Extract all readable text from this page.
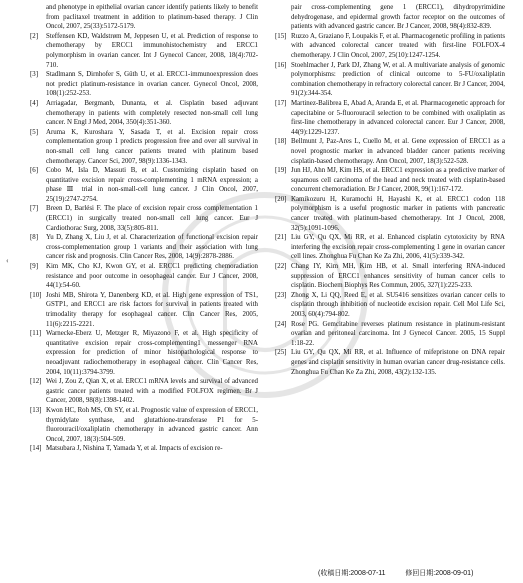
‹
and phenotype in epithelial ovarian cancer identify patients likely to benefit from paclitaxel treatment in addition to platinum-based therapy. J Clin Oncol, 2007, 25(33):5172-5179.
[2] Steffensen KD, Waldstrøm M, Jeppesen U, et al. Prediction of response to chemotherapy by ERCC1 immunohistochemistry and ERCC1 polymorphism in ovarian cancer. Int J Gynecol Cancer, 2008, 18(4):702-710.
[3] Stadlmann S, Dirnhofer S, Güth U, et al. ERCC1-immunoexpression does not predict platinum-resistance in ovarian cancer. Gynecol Oncol, 2008, 108(1):252-253.
[4] Arriagadar, Bergmanb, Dunanta, et al. Cisplatin based adjuvant chemotherapy in patients with completely resected non-small cell lung cancer. N Engl J Med, 2004, 350(4):351-360.
[5] Aruma K, Kuroshara Y, Sasada T, et al. Excision repair cross complementation group 1 predicts progression free and over all survival in non-small cell lung cancer patients treated with platinum based chemotherapy. Cancer Sci, 2007, 98(9):1336-1343.
[6] Cobo M, Isla D, Massuti B, et al. Customizing cisplatin based on quantitative excision repair cross-complementing 1 mRNA expression; a phase Ⅲ trial in non-small-cell lung cancer. J Clin Oncol, 2007, 25(19):2747-2754.
[7] Breen D, Barlési F. The place of excision repair cross complementation 1 (ERCC1) in surgically treated non-small cell lung cancer. Eur J Cardiothorac Surg, 2008, 33(5):805-811.
[8] Yu D, Zhang X, Liu J, et al. Characterization of functional excision repair cross-complementation group 1 variants and their association with lung cancer risk and prognosis. Clin Cancer Res, 2008, 14(9):2878-2886.
[9] Kim MK, Cho KJ, Kwon GY, et al. ERCC1 predicting chemoradiation resistance and poor outcome in oesophageal cancer. Eur J Cancer, 2008, 44(1):54-60.
[10] Joshi MB, Shirota Y, Danenberg KD, et al. High gene expression of TS1, GSTP1, and ERCC1 are risk factors for survival in patients treated with trimodality therapy for esophageal cancer. Clin Cancer Res, 2005, 11(6):2215-2221.
[11] Warnecke-Eberz U, Metzger R, Miyazono F, et al. High specificity of quantitative excision repair cross-complementing1 messenger RNA expression for prediction of minor histopathological response to neoadjuvant radiochemotherapy in esophageal cancer. Clin Cancer Res, 2004, 10(11):3794-3799.
[12] Wei J, Zou Z, Qian X, et al. ERCC1 mRNA levels and survival of advanced gastric cancer patients treated with a modified FOLFOX regimen. Br J Cancer, 2008, 98(8):1398-1402.
[13] Kwon HC, Roh MS, Oh SY, et al. Prognostic value of expression of ERCC1, thymidylate synthase, and glutathione-transferase P1 for 5-fluorouracil/oxaliplatin chemotherapy in advanced gastric cancer. Ann Oncol, 2007, 18(3):504-509.
[14] Matsubara J, Nishina T, Yamada Y, et al. Impacts of excision re-
pair cross-complementing gene 1 (ERCC1), dihydropyrimidine dehydrogenase, and epidermal growth factor receptor on the outcomes of patients with advanced gastric cancer. Br J Cancer, 2008, 98(4):832-839.
[15] Ruzzo A, Graziano F, Loupakis F, et al. Pharmacogenetic profiling in patients with advanced colorectal cancer treated with first-line FOLFOX-4 chemotherapy. J Clin Oncol, 2007, 25(10):1247-1254.
[16] Stoehlmacher J, Park DJ, Zhang W, et al. A multivariate analysis of genomic polymorphisms: prediction of clinical outcome to 5-FU/oxaliplatin combination chemotherapy in refractory colorectal cancer. Br J Cancer, 2004, 91(2):344-354.
[17] Martinez-Balibrea E, Abad A, Aranda E, et al. Pharmacogenetic approach for capecitabine or 5-fluorouracil selection to be combined with oxaliplatin as first-line chemotherapy in advanced colorectal cancer. Eur J Cancer, 2008, 44(9):1229-1237.
[18] Bellmunt J, Paz-Ares L, Cuello M, et al. Gene expression of ERCC1 as a novel prognostic marker in advanced bladder cancer patients receiving cisplatin-based chemotherapy. Ann Oncol, 2007, 18(3):522-528.
[19] Jun HJ, Ahn MJ, Kim HS, et al. ERCC1 expression as a predictive marker of squamous cell carcinoma of the head and neck treated with cisplatin-based concurrent chemoradiation. Br J Cancer, 2008, 99(1):167-172.
[20] Kamikozuru H, Kuramochi H, Hayashi K, et al. ERCC1 codon 118 polymorphism is a useful prognostic marker in patients with pancreatic cancer treated with platinum-based chemotherapy. Int J Oncol, 2008, 32(5):1091-1096.
[21] Liu GY, Qu QX, Mi RR, et al. Enhanced cisplatin cytotoxicity by RNA interfering the excision repair cross-complementing 1 gene in ovarian cancer cell lines. Zhonghua Fu Chan Ke Za Zhi, 2006, 41(5):339-342.
[22] Chang IY, Kim MH, Kim HB, et al. Small interfering RNA-induced suppression of ERCC1 enhances sensitivity of human cancer cells to cisplatin. Biochem Biophys Res Commun, 2005, 327(1):225-233.
[23] Zhong X, Li QQ, Reed E, et al. SU5416 sensitizes ovarian cancer cells to cisplatin through inhibition of nucleotide excision repair. Cell Mol Life Sci, 2003, 60(4):794-802.
[24] Rose PG. Gemcitabine reverses platinum resistance in platinum-resistant ovarian and peritoneal carcinoma. Int J Gynecol Cancer. 2005, 15 Suppl 1:18-22.
[25] Liu GY, Qu QX, Mi RR, et al. Influence of mifepristone on DNA repair genes and cisplatin sensitivity in human ovarian cancer drug-resistance cells. Zhonghua Fu Chan Ke Za Zhi, 2008, 43(2):132-135.
(收稿日期:2008-07-11	修回日期:2008-09-01)
